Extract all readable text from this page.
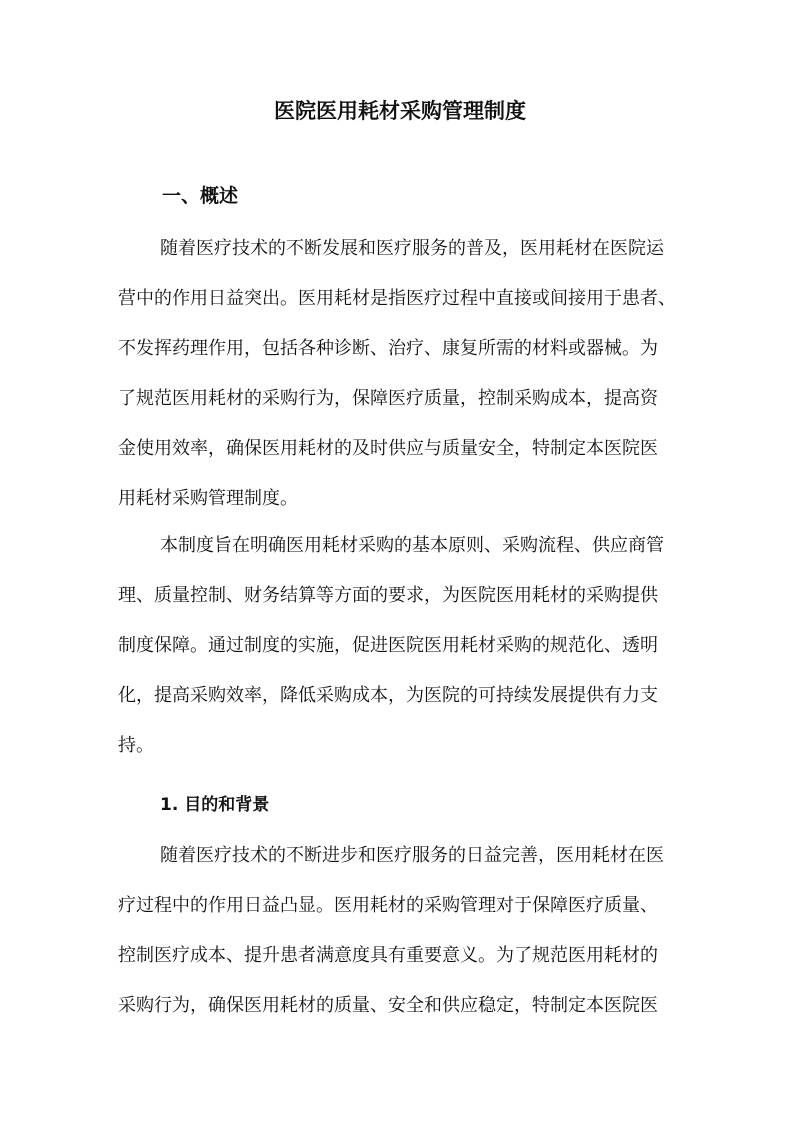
医院医用耗材采购管理制度
一、概述
随着医疗技术的不断发展和医疗服务的普及，医用耗材在医院运
营中的作用日益突出。医用耗材是指医疗过程中直接或间接用于患者、
不发挥药理作用，包括各种诊断、治疗、康复所需的材料或器械。为
了规范医用耗材的采购行为，保障医疗质量，控制采购成本，提高资
金使用效率，确保医用耗材的及时供应与质量安全，特制定本医院医
用耗材采购管理制度。
本制度旨在明确医用耗材采购的基本原则、采购流程、供应商管
理、质量控制、财务结算等方面的要求，为医院医用耗材的采购提供
制度保障。通过制度的实施，促进医院医用耗材采购的规范化、透明
化，提高采购效率，降低采购成本，为医院的可持续发展提供有力支
持。
1. 目的和背景
随着医疗技术的不断进步和医疗服务的日益完善，医用耗材在医
疗过程中的作用日益凸显。医用耗材的采购管理对于保障医疗质量、
控制医疗成本、提升患者满意度具有重要意义。为了规范医用耗材的
采购行为，确保医用耗材的质量、安全和供应稳定，特制定本医院医
